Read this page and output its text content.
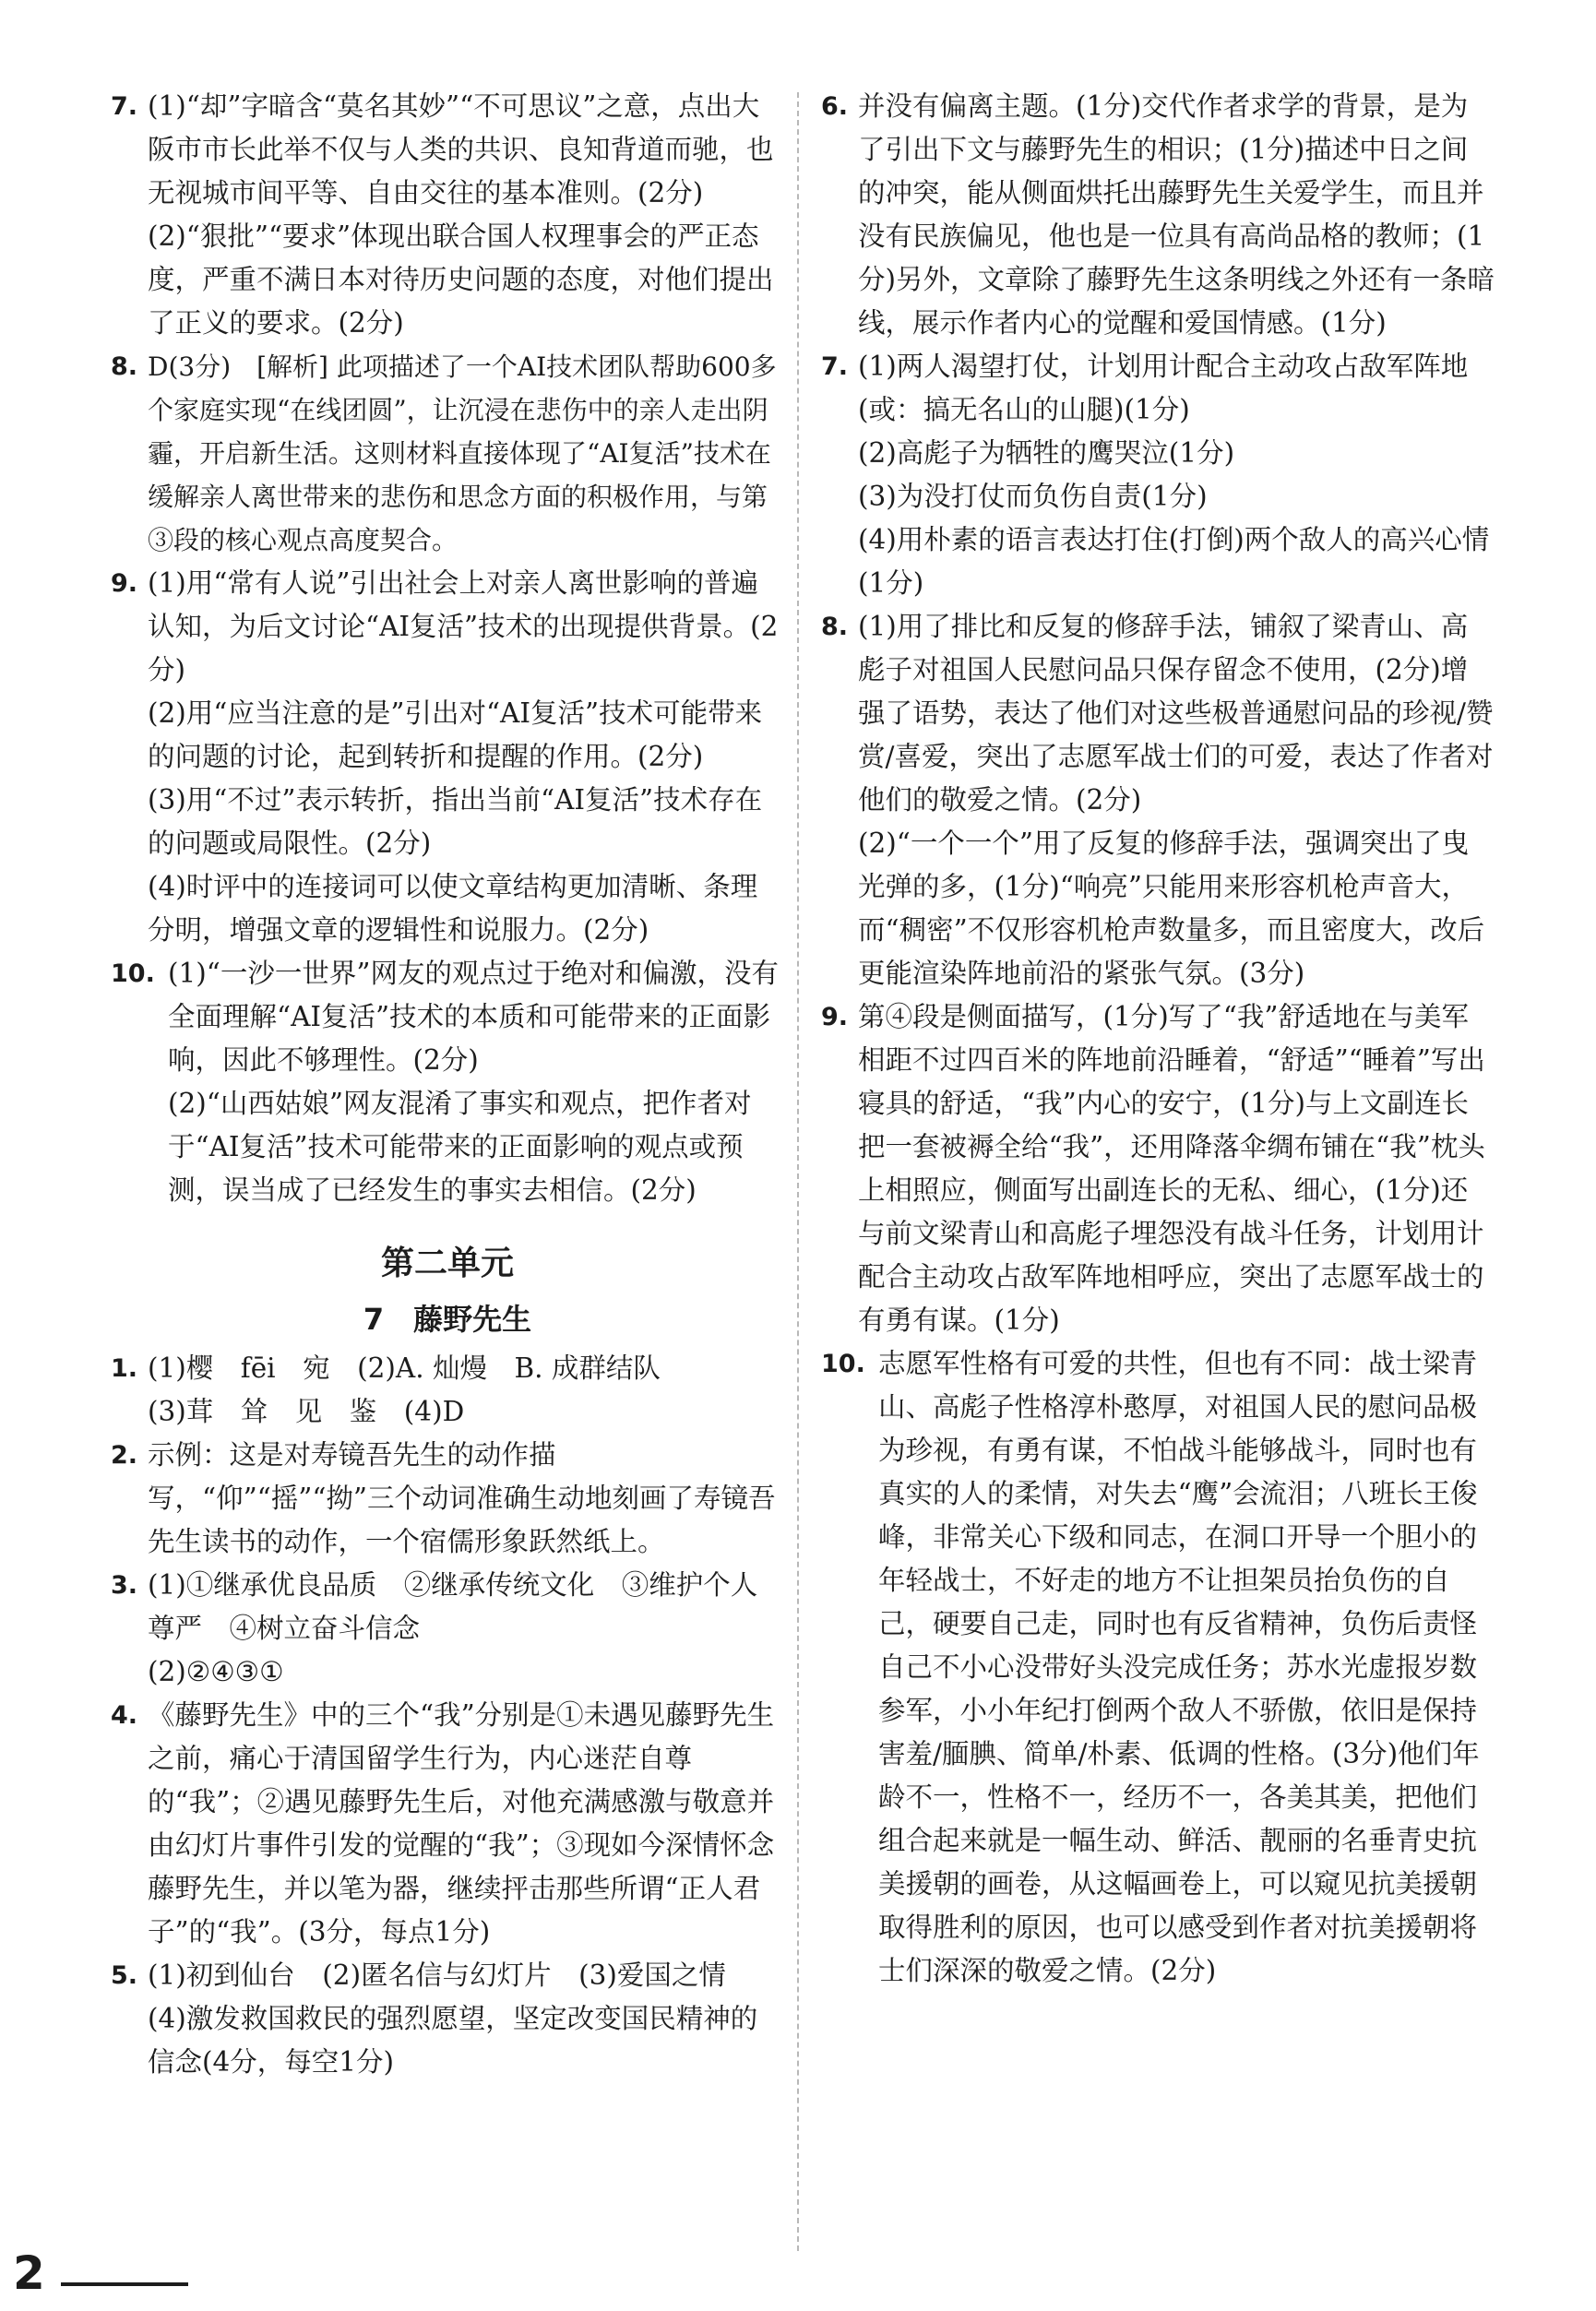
7. (1)“却”字暗含“莫名其妙”“不可思议”之意，点出大阪市市长此举不仅与人类的共识、良知背道而驰，也无视城市间平等、自由交往的基本准则。(2分)

(2)“狠批”“要求”体现出联合国人权理事会的严正态度，严重不满日本对待历史问题的态度，对他们提出了正义的要求。(2分)

8. D(3分)　[解析] 此项描述了一个AI技术团队帮助600多个家庭实现“在线团圆”，让沉浸在悲伤中的亲人走出阴霾，开启新生活。这则材料直接体现了“AI复活”技术在缓解亲人离世带来的悲伤和思念方面的积极作用，与第③段的核心观点高度契合。

9. (1)用“常有人说”引出社会上对亲人离世影响的普遍认知，为后文讨论“AI复活”技术的出现提供背景。(2分)

(2)用“应当注意的是”引出对“AI复活”技术可能带来的问题的讨论，起到转折和提醒的作用。(2分)

(3)用“不过”表示转折，指出当前“AI复活”技术存在的问题或局限性。(2分)

(4)时评中的连接词可以使文章结构更加清晰、条理分明，增强文章的逻辑性和说服力。(2分)

10. (1)“一沙一世界”网友的观点过于绝对和偏激，没有全面理解“AI复活”技术的本质和可能带来的正面影响，因此不够理性。(2分)

(2)“山西姑娘”网友混淆了事实和观点，把作者对于“AI复活”技术可能带来的正面影响的观点或预测，误当成了已经发生的事实去相信。(2分)

第二单元
7　藤野先生
1. (1)樱　fēi　宛　(2)A. 灿熳　B. 成群结队

(3)茸　耸　见　鉴　(4)D

2. 示例：这是对寿镜吾先生的动作描写，“仰”“摇”“拗”三个动词准确生动地刻画了寿镜吾先生读书的动作，一个宿儒形象跃然纸上。

3. (1)①继承优良品质　②继承传统文化　③维护个人尊严　④树立奋斗信念

(2)②④③①

4. 《藤野先生》中的三个“我”分别是①未遇见藤野先生之前，痛心于清国留学生行为，内心迷茫自尊的“我”；②遇见藤野先生后，对他充满感激与敬意并由幻灯片事件引发的觉醒的“我”；③现如今深情怀念藤野先生，并以笔为器，继续抨击那些所谓“正人君子”的“我”。(3分，每点1分)

5. (1)初到仙台　(2)匿名信与幻灯片　(3)爱国之情　(4)激发救国救民的强烈愿望，坚定改变国民精神的信念(4分，每空1分)

6. 并没有偏离主题。(1分)交代作者求学的背景，是为了引出下文与藤野先生的相识；(1分)描述中日之间的冲突，能从侧面烘托出藤野先生关爱学生，而且并没有民族偏见，他也是一位具有高尚品格的教师；(1分)另外，文章除了藤野先生这条明线之外还有一条暗线，展示作者内心的觉醒和爱国情感。(1分)

7. (1)两人渴望打仗，计划用计配合主动攻占敌军阵地(或：搞无名山的山腿)(1分)

(2)高彪子为牺牲的鹰哭泣(1分)

(3)为没打仗而负伤自责(1分)

(4)用朴素的语言表达打住(打倒)两个敌人的高兴心情(1分)

8. (1)用了排比和反复的修辞手法，铺叙了梁青山、高彪子对祖国人民慰问品只保存留念不使用，(2分)增强了语势，表达了他们对这些极普通慰问品的珍视/赞赏/喜爱，突出了志愿军战士们的可爱，表达了作者对他们的敬爱之情。(2分)

(2)“一个一个”用了反复的修辞手法，强调突出了曳光弹的多，(1分)“响亮”只能用来形容机枪声音大，而“稠密”不仅形容机枪声数量多，而且密度大，改后更能渲染阵地前沿的紧张气氛。(3分)

9. 第④段是侧面描写，(1分)写了“我”舒适地在与美军相距不过四百米的阵地前沿睡着，“舒适”“睡着”写出寝具的舒适，“我”内心的安宁，(1分)与上文副连长把一套被褥全给“我”，还用降落伞绸布铺在“我”枕头上相照应，侧面写出副连长的无私、细心，(1分)还与前文梁青山和高彪子埋怨没有战斗任务，计划用计配合主动攻占敌军阵地相呼应，突出了志愿军战士的有勇有谋。(1分)

10. 志愿军性格有可爱的共性，但也有不同：战士梁青山、高彪子性格淳朴憨厚，对祖国人民的慰问品极为珍视，有勇有谋，不怕战斗能够战斗，同时也有真实的人的柔情，对失去“鹰”会流泪；八班长王俊峰，非常关心下级和同志，在洞口开导一个胆小的年轻战士，不好走的地方不让担架员抬负伤的自己，硬要自己走，同时也有反省精神，负伤后责怪自己不小心没带好头没完成任务；苏水光虚报岁数参军，小小年纪打倒两个敌人不骄傲，依旧是保持害羞/腼腆、简单/朴素、低调的性格。(3分)他们年龄不一，性格不一，经历不一，各美其美，把他们组合起来就是一幅生动、鲜活、靓丽的名垂青史抗美援朝的画卷，从这幅画卷上，可以窥见抗美援朝取得胜利的原因，也可以感受到作者对抗美援朝将士们深深的敬爱之情。(2分)

2
